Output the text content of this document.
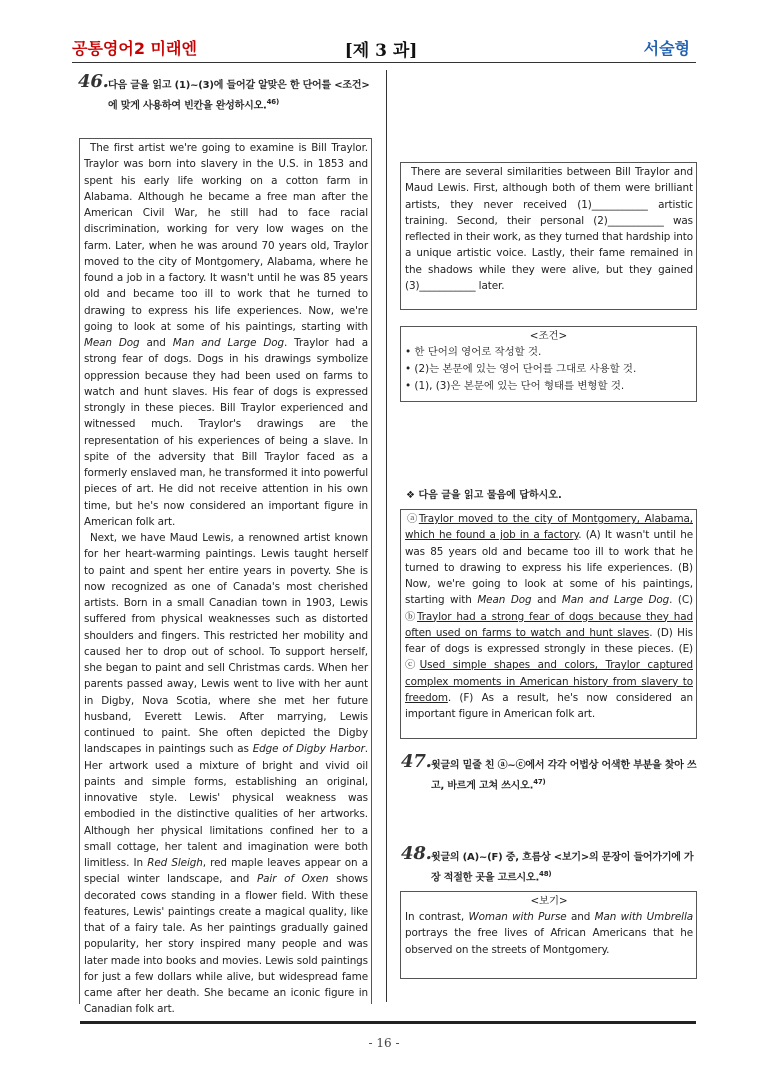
공통영어2 미래엔	[제 3 과]	서술형
46. 다음 글을 읽고 (1)~(3)에 들어갈 알맞은 한 단어를 <조건>에 맞게 사용하여 빈칸을 완성하시오.$^{46)}$

The first artist we're going to examine is Bill Traylor. Traylor was born into slavery in the U.S. in 1853 and spent his early life working on a cotton farm in Alabama. Although he became a free man after the American Civil War, he still had to face racial discrimination, working for very low wages on the farm. Later, when he was around 70 years old, Traylor moved to the city of Montgomery, Alabama, where he found a job in a factory. It wasn't until he was 85 years old and became too ill to work that he turned to drawing to express his life experiences. Now, we're going to look at some of his paintings, starting with Mean Dog and Man and Large Dog. Traylor had a strong fear of dogs. Dogs in his drawings symbolize oppression because they had been used on farms to watch and hunt slaves. His fear of dogs is expressed strongly in these pieces. Bill Traylor experienced and witnessed much. Traylor's drawings are the representation of his experiences of being a slave. In spite of the adversity that Bill Traylor faced as a formerly enslaved man, he transformed it into powerful pieces of art. He did not receive attention in his own time, but he's now considered an important figure in American folk art.

Next, we have Maud Lewis, a renowned artist known for her heart-warming paintings. Lewis taught herself to paint and spent her entire years in poverty. She is now recognized as one of Canada's most cherished artists. Born in a small Canadian town in 1903, Lewis suffered from physical weaknesses such as distorted shoulders and fingers. This restricted her mobility and caused her to drop out of school. To support herself, she began to paint and sell Christmas cards. When her parents passed away, Lewis went to live with her aunt in Digby, Nova Scotia, where she met her future husband, Everett Lewis. After marrying, Lewis continued to paint. She often depicted the Digby landscapes in paintings such as Edge of Digby Harbor. Her artwork used a mixture of bright and vivid oil paints and simple forms, establishing an original, innovative style. Lewis' physical weakness was embodied in the distinctive qualities of her artworks. Although her physical limitations confined her to a small cottage, her talent and imagination were both limitless. In Red Sleigh, red maple leaves appear on a special winter landscape, and Pair of Oxen shows decorated cows standing in a flower field. With these features, Lewis' paintings create a magical quality, like that of a fairy tale. As her paintings gradually gained popularity, her story inspired many people and was later made into books and movies. Lewis sold paintings for just a few dollars while alive, but widespread fame came after her death. She became an iconic figure in Canadian folk art.

There are several similarities between Bill Traylor and Maud Lewis. First, although both of them were brilliant artists, they never received (1)___________ artistic training. Second, their personal (2)___________ was reflected in their work, as they turned that hardship into a unique artistic voice. Lastly, their fame remained in the shadows while they were alive, but they gained (3)___________ later.

<조건>
• 한 단어의 영어로 작성할 것.
• (2)는 본문에 있는 영어 단어를 그대로 사용할 것.
• (1), (3)은 본문에 있는 단어 형태를 변형할 것.
❖ 다음 글을 읽고 물음에 답하시오.

ⓐTraylor moved to the city of Montgomery, Alabama, which he found a job in a factory. (A) It wasn't until he was 85 years old and became too ill to work that he turned to drawing to express his life experiences. (B) Now, we're going to look at some of his paintings, starting with Mean Dog and Man and Large Dog. (C) ⓑTraylor had a strong fear of dogs because they had often used on farms to watch and hunt slaves. (D) His fear of dogs is expressed strongly in these pieces. (E) ⓒUsed simple shapes and colors, Traylor captured complex moments in American history from slavery to freedom. (F) As a result, he's now considered an important figure in American folk art.

47. 윗글의 밑줄 친 ⓐ~ⓒ에서 각각 어법상 어색한 부분을 찾아 쓰고, 바르게 고쳐 쓰시오.$^{47)}$
48. 윗글의 (A)~(F) 중, 흐름상 <보기>의 문장이 들어가기에 가장 적절한 곳을 고르시오.$^{48)}$
<보기>

In contrast, Woman with Purse and Man with Umbrella portrays the free lives of African Americans that he observed on the streets of Montgomery.

- 16 -
